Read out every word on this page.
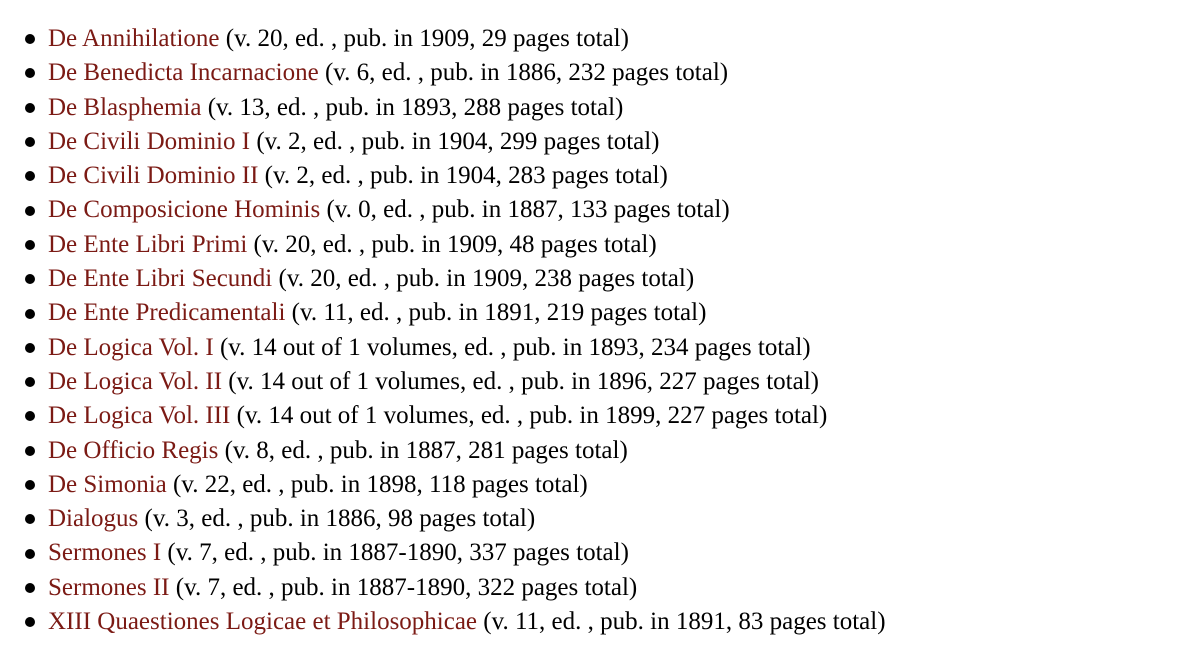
De Annihilatione (v. 20, ed. , pub. in 1909, 29 pages total)
De Benedicta Incarnacione (v. 6, ed. , pub. in 1886, 232 pages total)
De Blasphemia (v. 13, ed. , pub. in 1893, 288 pages total)
De Civili Dominio I (v. 2, ed. , pub. in 1904, 299 pages total)
De Civili Dominio II (v. 2, ed. , pub. in 1904, 283 pages total)
De Composicione Hominis (v. 0, ed. , pub. in 1887, 133 pages total)
De Ente Libri Primi (v. 20, ed. , pub. in 1909, 48 pages total)
De Ente Libri Secundi (v. 20, ed. , pub. in 1909, 238 pages total)
De Ente Predicamentali (v. 11, ed. , pub. in 1891, 219 pages total)
De Logica Vol. I (v. 14 out of 1 volumes, ed. , pub. in 1893, 234 pages total)
De Logica Vol. II (v. 14 out of 1 volumes, ed. , pub. in 1896, 227 pages total)
De Logica Vol. III (v. 14 out of 1 volumes, ed. , pub. in 1899, 227 pages total)
De Officio Regis (v. 8, ed. , pub. in 1887, 281 pages total)
De Simonia (v. 22, ed. , pub. in 1898, 118 pages total)
Dialogus (v. 3, ed. , pub. in 1886, 98 pages total)
Sermones I (v. 7, ed. , pub. in 1887-1890, 337 pages total)
Sermones II (v. 7, ed. , pub. in 1887-1890, 322 pages total)
XIII Quaestiones Logicae et Philosophicae (v. 11, ed. , pub. in 1891, 83 pages total)
